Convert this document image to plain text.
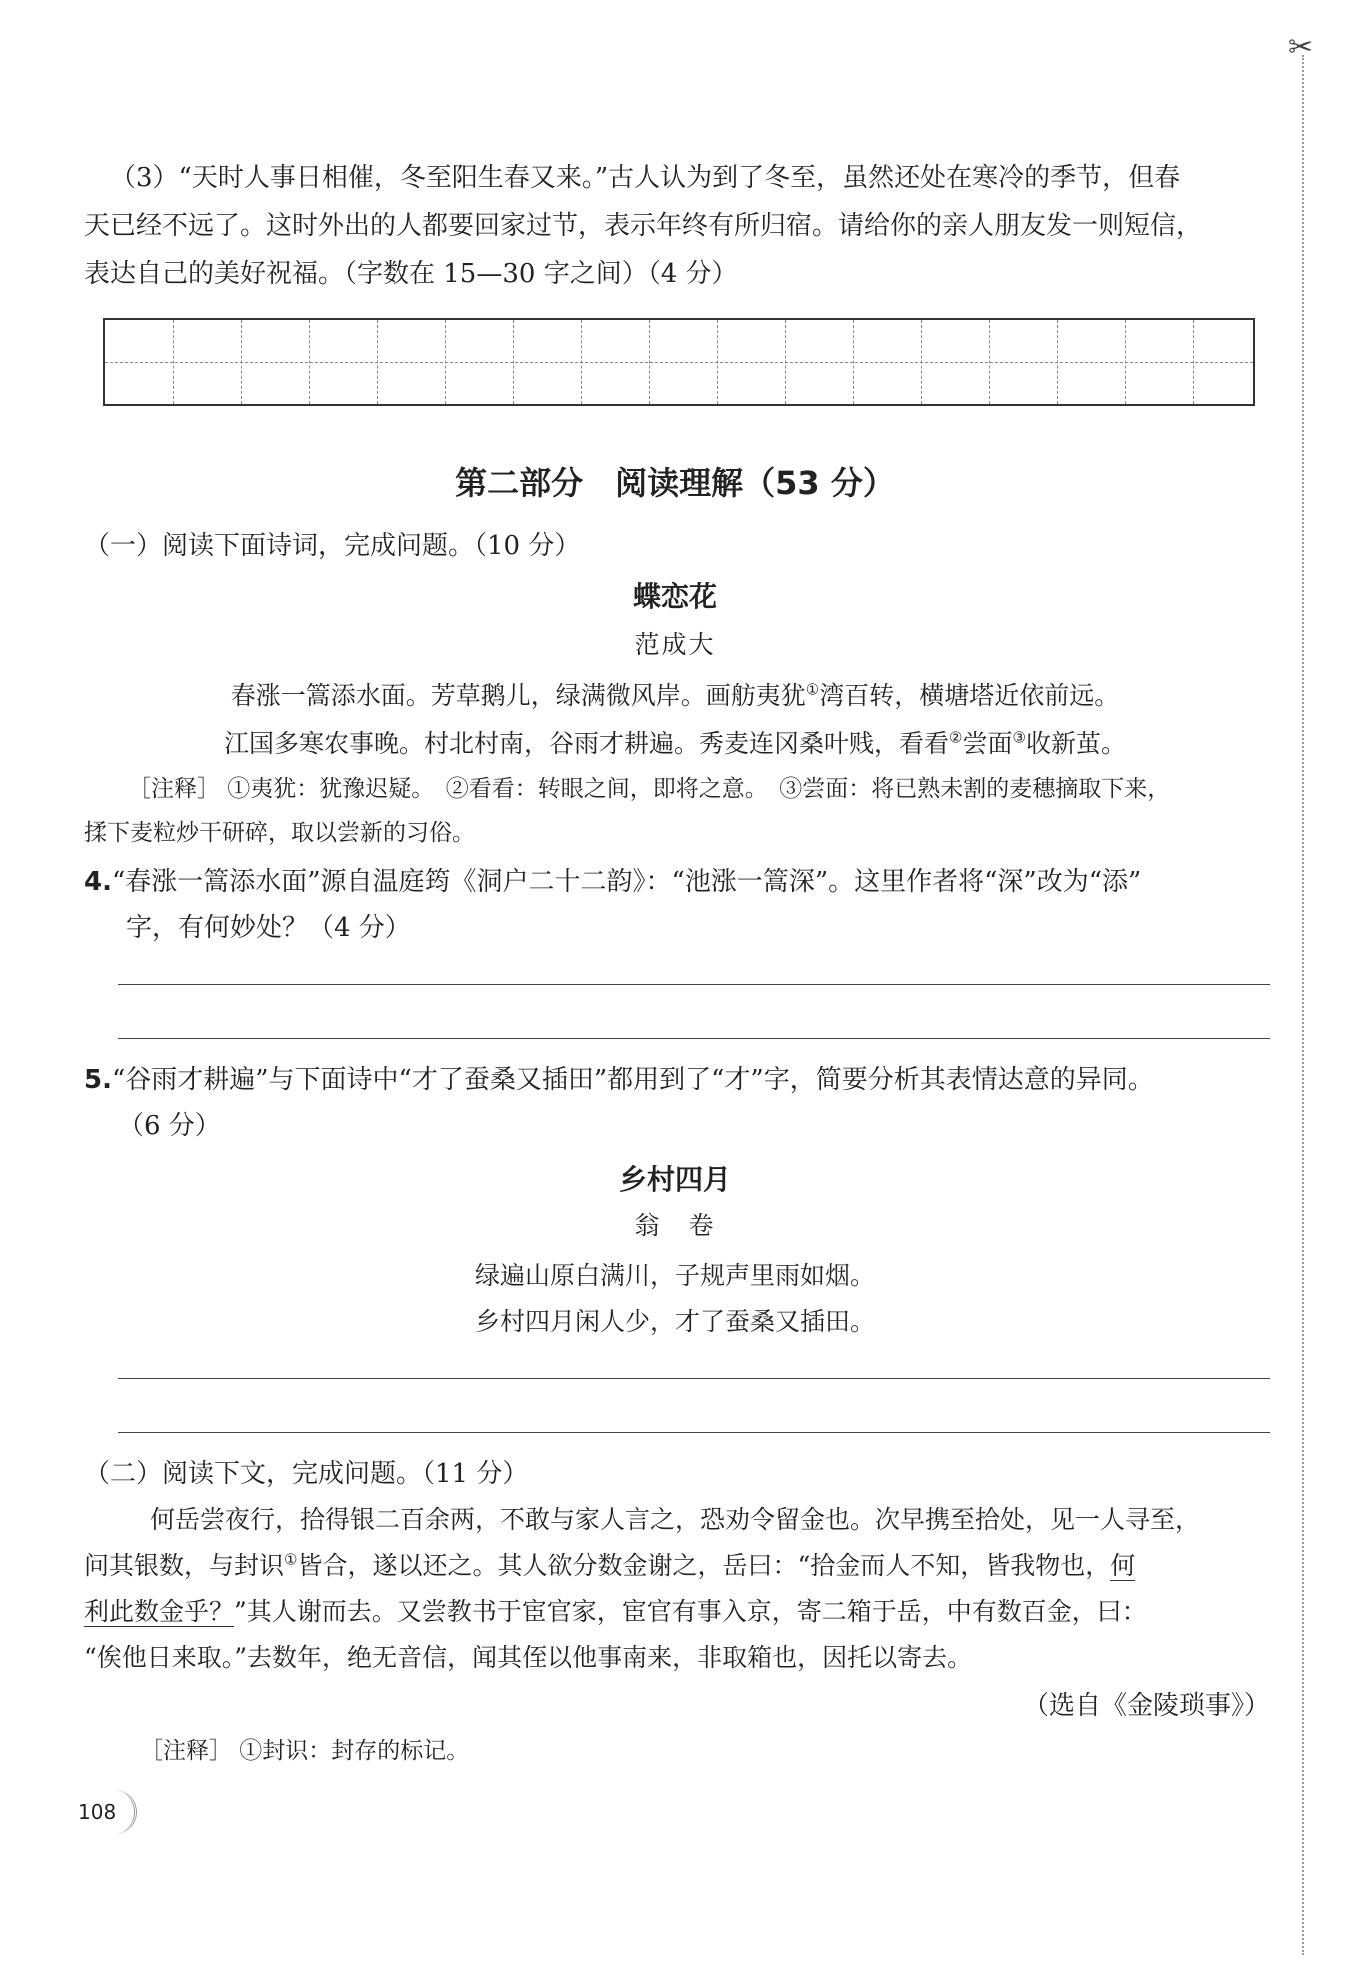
✂
（3）“天时人事日相催，冬至阳生春又来。”古人认为到了冬至，虽然还处在寒冷的季节，但春
天已经不远了。这时外出的人都要回家过节，表示年终有所归宿。请给你的亲人朋友发一则短信，
表达自己的美好祝福。（字数在 15—30 字之间）（4 分）
第二部分　阅读理解（53 分）
（一）阅读下面诗词，完成问题。（10 分）
蝶恋花
范成大
春涨一篙添水面。芳草鹅儿，绿满微风岸。画舫夷犹①湾百转，横塘塔近依前远。
江国多寒农事晚。村北村南，谷雨才耕遍。秀麦连冈桑叶贱，看看②尝面③收新茧。
［注释］ ①夷犹：犹豫迟疑。　②看看：转眼之间，即将之意。　③尝面：将已熟未割的麦穗摘取下来，
揉下麦粒炒干研碎，取以尝新的习俗。
4.“春涨一篙添水面”源自温庭筠《洞户二十二韵》：“池涨一篙深”。这里作者将“深”改为“添”
字，有何妙处？（4 分）
5.“谷雨才耕遍”与下面诗中“才了蚕桑又插田”都用到了“才”字，简要分析其表情达意的异同。
（6 分）
乡村四月
翁　卷
绿遍山原白满川，子规声里雨如烟。
乡村四月闲人少，才了蚕桑又插田。
（二）阅读下文，完成问题。（11 分）
何岳尝夜行，拾得银二百余两，不敢与家人言之，恐劝令留金也。次早携至拾处，见一人寻至，
问其银数，与封识①皆合，遂以还之。其人欲分数金谢之，岳曰：“拾金而人不知，皆我物也，何
利此数金乎？”其人谢而去。又尝教书于宦官家，宦官有事入京，寄二箱于岳，中有数百金，曰：
“俟他日来取。”去数年，绝无音信，闻其侄以他事南来，非取箱也，因托以寄去。
（选自《金陵琐事》）
［注释］ ①封识：封存的标记。
108
